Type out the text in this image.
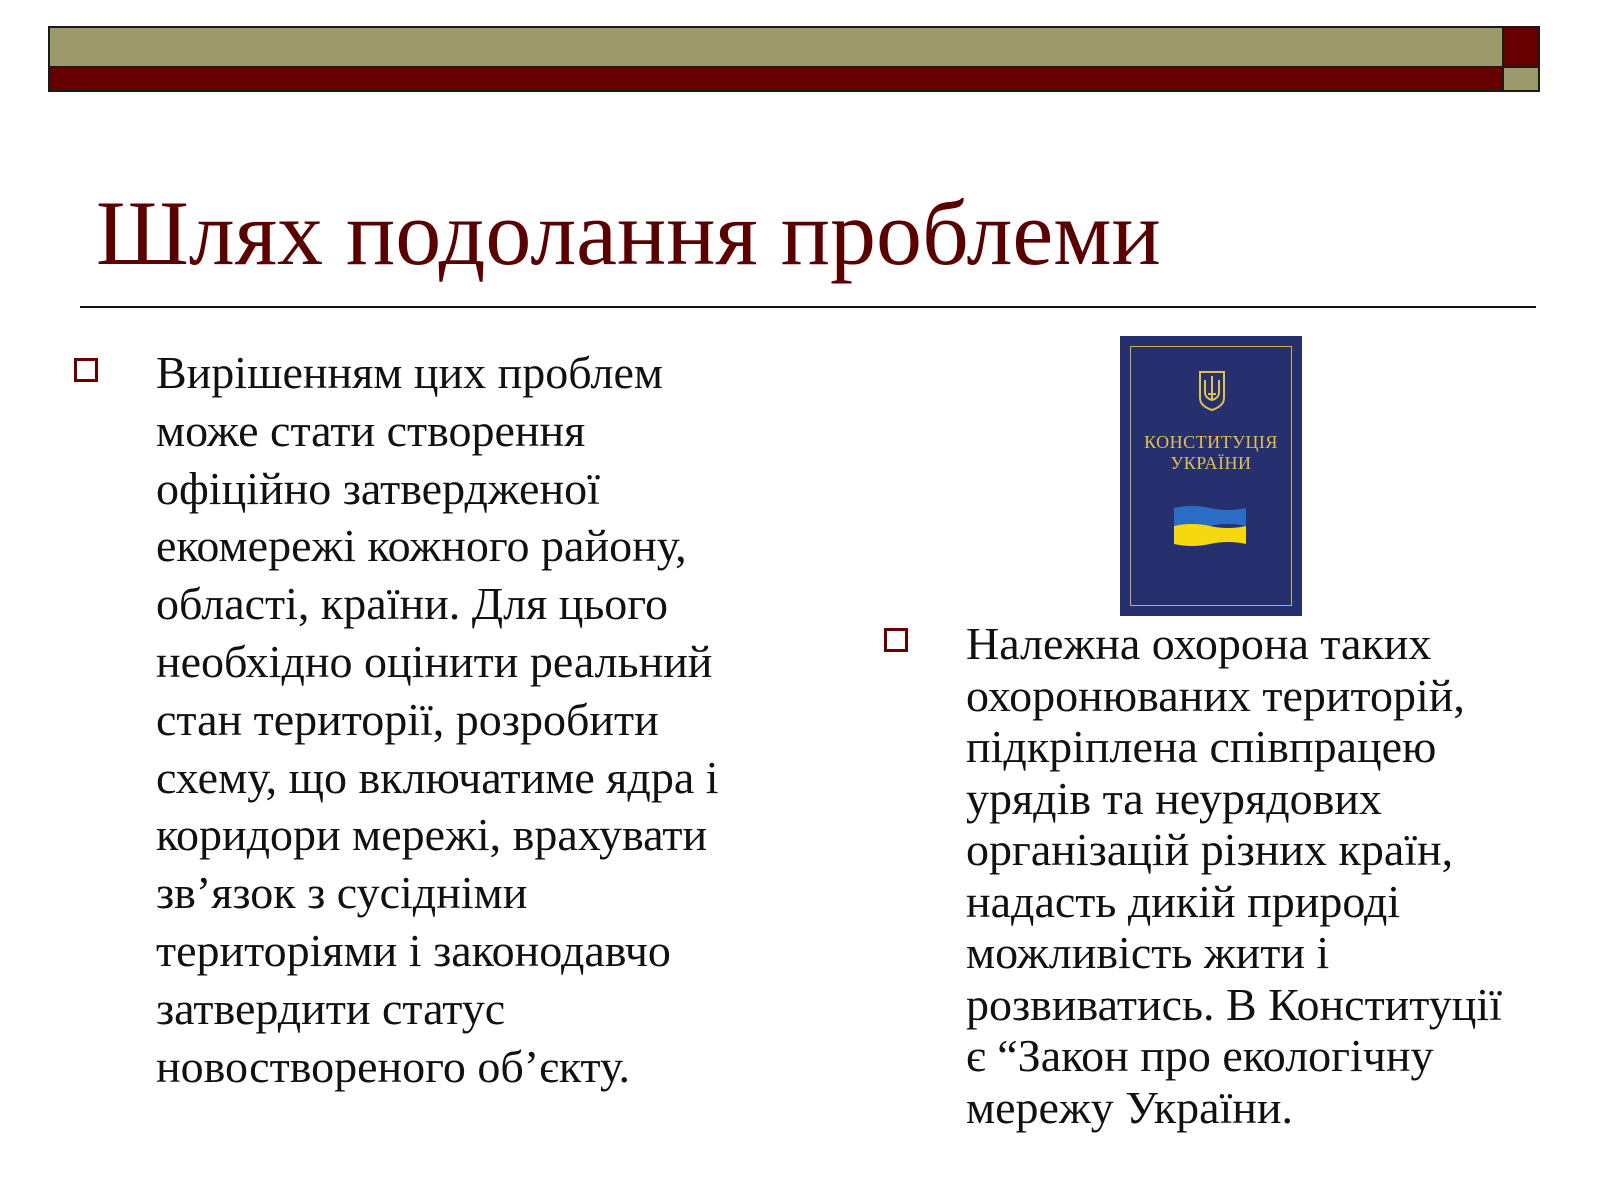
Шлях подолання проблеми
Вирішенням цих проблем
може стати створення
офіційно затвердженої
екомережі кожного району,
області, країни. Для цього
необхідно оцінити реальний
стан території, розробити
схему, що включатиме ядра і
коридори мережі, врахувати
зв’язок з сусідніми
територіями і законодавчо
затвердити статус
новоствореного об’єкту.
КОНСТИТУЦІЯ
УКРАЇНИ
Належна охорона таких
охоронюваних територій,
підкріплена співпрацею
урядів та неурядових
організацій різних країн,
надасть дикій природі
можливість жити і
розвиватись. В Конституції
є “Закон про екологічну
мережу України.
